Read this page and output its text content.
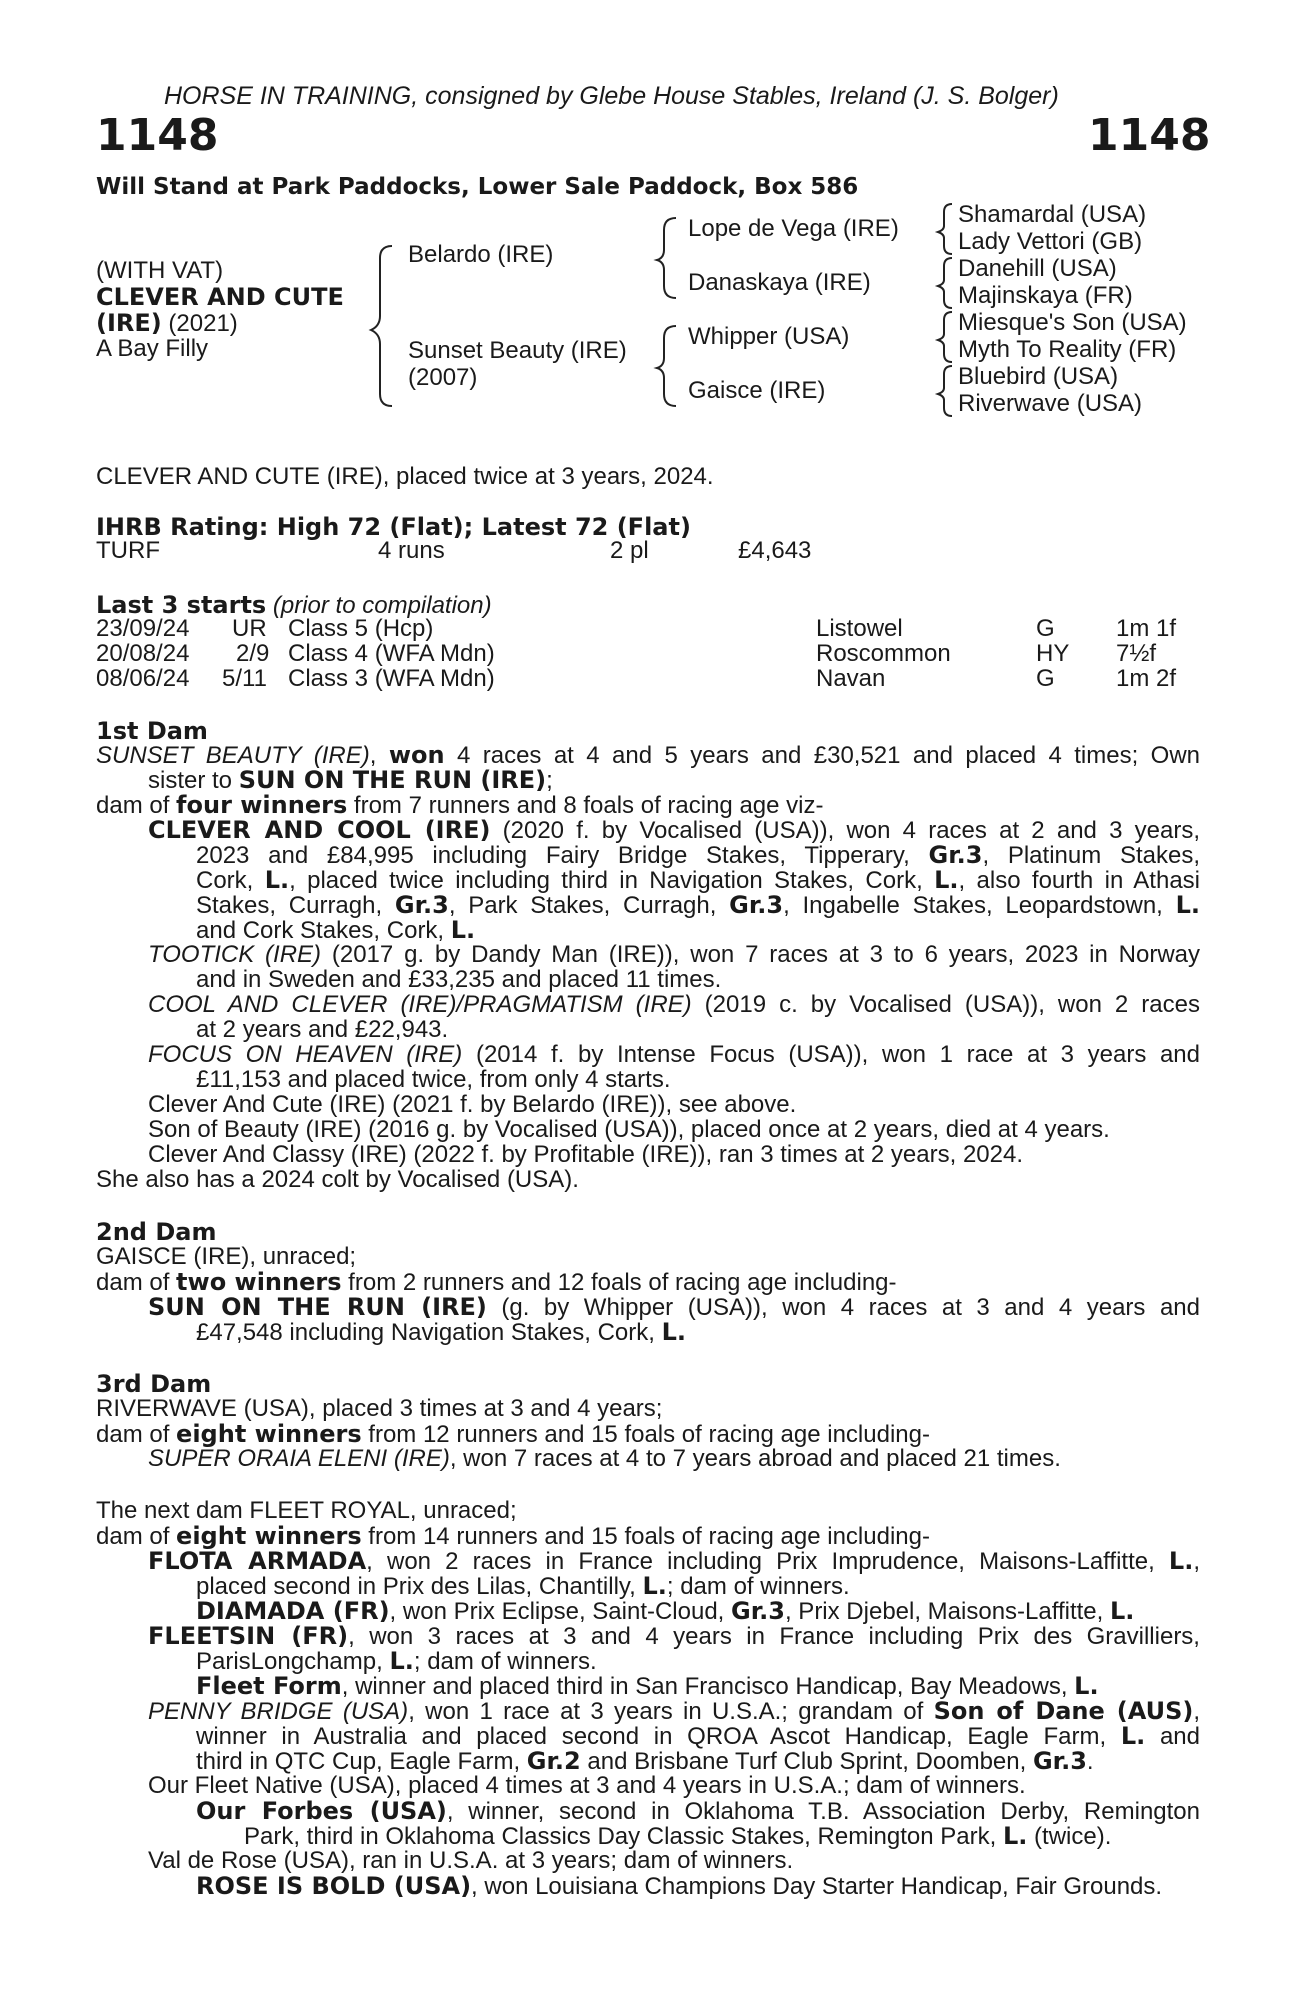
HORSE IN TRAINING, consigned by Glebe House Stables, Ireland (J. S. Bolger)
1148	1148
Will Stand at Park Paddocks, Lower Sale Paddock, Box 586
(WITH VAT)
CLEVER AND CUTE
(IRE) (2021)
A Bay Filly
Belardo (IRE)
Sunset Beauty (IRE)
(2007)
Lope de Vega (IRE)
Danaskaya (IRE)
Whipper (USA)
Gaisce (IRE)
Shamardal (USA)
Lady Vettori (GB)
Danehill (USA)
Majinskaya (FR)
Miesque's Son (USA)
Myth To Reality (FR)
Bluebird (USA)
Riverwave (USA)
CLEVER AND CUTE (IRE), placed twice at 3 years, 2024.
IHRB Rating: High 72 (Flat); Latest 72 (Flat)
TURF	4 runs	2 pl	£4,643
Last 3 starts (prior to compilation)
23/09/24 UR Class 5 (Hcp)	Listowel	G	1m 1f
20/08/24 2/9 Class 4 (WFA Mdn)	Roscommon	HY 7½f
08/06/24 5/11 Class 3 (WFA Mdn)	Navan	G	1m 2f
1st Dam
SUNSET BEAUTY (IRE), won 4 races at 4 and 5 years and £30,521 and placed 4 times; Own
sister to SUN ON THE RUN (IRE);
dam of four winners from 7 runners and 8 foals of racing age viz-
CLEVER AND COOL (IRE) (2020 f. by Vocalised (USA)), won 4 races at 2 and 3 years,
2023 and £84,995 including Fairy Bridge Stakes, Tipperary, Gr.3, Platinum Stakes,
Cork, L., placed twice including third in Navigation Stakes, Cork, L., also fourth in Athasi
Stakes, Curragh, Gr.3, Park Stakes, Curragh, Gr.3, Ingabelle Stakes, Leopardstown, L.
and Cork Stakes, Cork, L.
TOOTICK (IRE) (2017 g. by Dandy Man (IRE)), won 7 races at 3 to 6 years, 2023 in Norway
and in Sweden and £33,235 and placed 11 times.
COOL AND CLEVER (IRE)/PRAGMATISM (IRE) (2019 c. by Vocalised (USA)), won 2 races
at 2 years and £22,943.
FOCUS ON HEAVEN (IRE) (2014 f. by Intense Focus (USA)), won 1 race at 3 years and
£11,153 and placed twice, from only 4 starts.
Clever And Cute (IRE) (2021 f. by Belardo (IRE)), see above.
Son of Beauty (IRE) (2016 g. by Vocalised (USA)), placed once at 2 years, died at 4 years.
Clever And Classy (IRE) (2022 f. by Profitable (IRE)), ran 3 times at 2 years, 2024.
She also has a 2024 colt by Vocalised (USA).
2nd Dam
GAISCE (IRE), unraced;
dam of two winners from 2 runners and 12 foals of racing age including-
SUN ON THE RUN (IRE) (g. by Whipper (USA)), won 4 races at 3 and 4 years and
£47,548 including Navigation Stakes, Cork, L.
3rd Dam
RIVERWAVE (USA), placed 3 times at 3 and 4 years;
dam of eight winners from 12 runners and 15 foals of racing age including-
SUPER ORAIA ELENI (IRE), won 7 races at 4 to 7 years abroad and placed 21 times.
The next dam FLEET ROYAL, unraced;
dam of eight winners from 14 runners and 15 foals of racing age including-
FLOTA ARMADA, won 2 races in France including Prix Imprudence, Maisons-Laffitte, L.,
placed second in Prix des Lilas, Chantilly, L.; dam of winners.
DIAMADA (FR), won Prix Eclipse, Saint-Cloud, Gr.3, Prix Djebel, Maisons-Laffitte, L.
FLEETSIN (FR), won 3 races at 3 and 4 years in France including Prix des Gravilliers,
ParisLongchamp, L.; dam of winners.
Fleet Form, winner and placed third in San Francisco Handicap, Bay Meadows, L.
PENNY BRIDGE (USA), won 1 race at 3 years in U.S.A.; grandam of Son of Dane (AUS),
winner in Australia and placed second in QROA Ascot Handicap, Eagle Farm, L. and
third in QTC Cup, Eagle Farm, Gr.2 and Brisbane Turf Club Sprint, Doomben, Gr.3.
Our Fleet Native (USA), placed 4 times at 3 and 4 years in U.S.A.; dam of winners.
Our Forbes (USA), winner, second in Oklahoma T.B. Association Derby, Remington
Park, third in Oklahoma Classics Day Classic Stakes, Remington Park, L. (twice).
Val de Rose (USA), ran in U.S.A. at 3 years; dam of winners.
ROSE IS BOLD (USA), won Louisiana Champions Day Starter Handicap, Fair Grounds.
